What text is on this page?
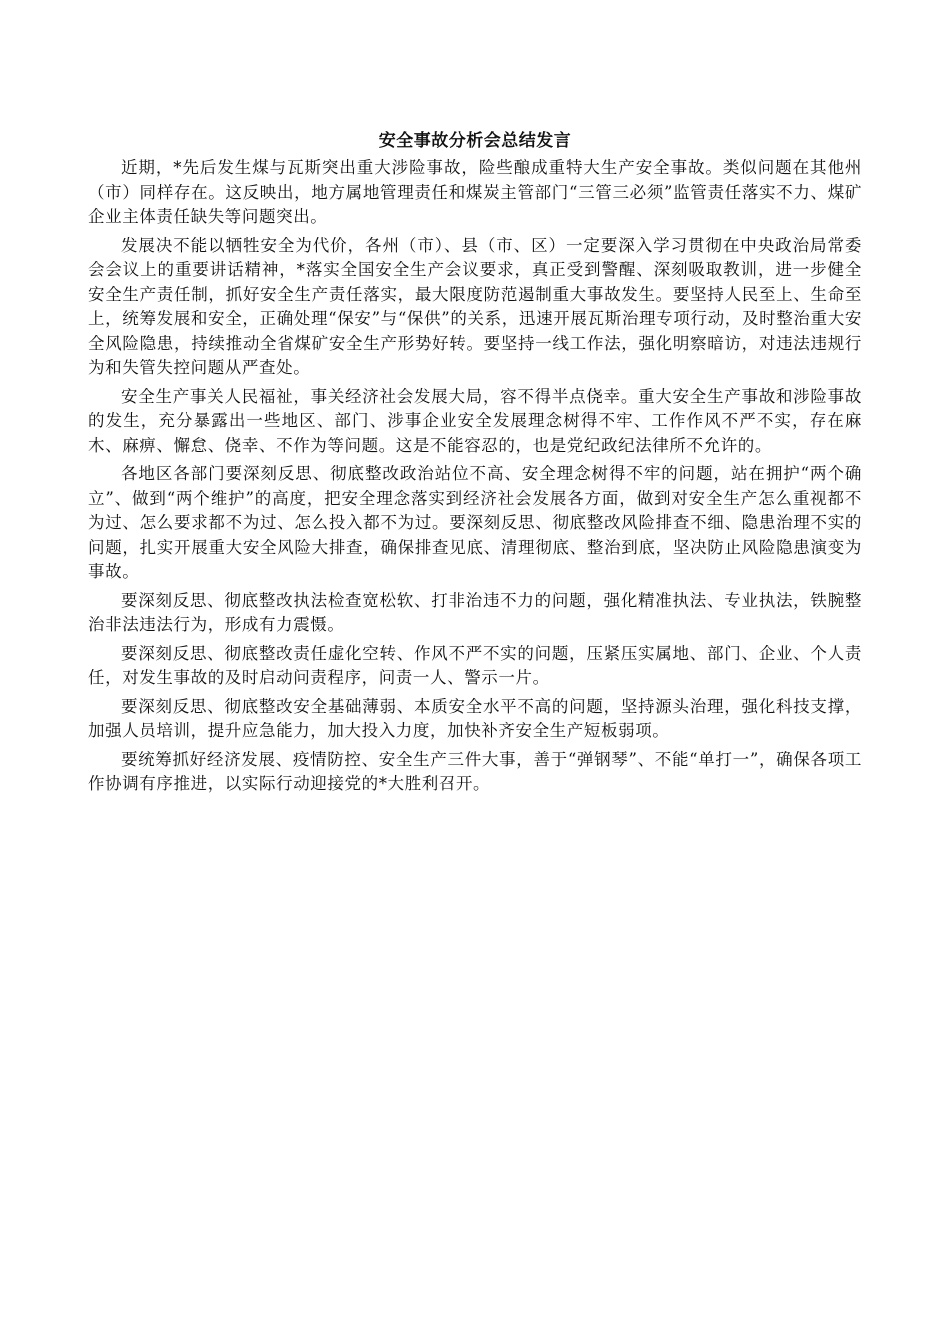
安全事故分析会总结发言

近期，*先后发生煤与瓦斯突出重大涉险事故，险些酿成重特大生产安全事故。类似问题在其他州（市）同样存在。这反映出，地方属地管理责任和煤炭主管部门“三管三必须”监管责任落实不力、煤矿企业主体责任缺失等问题突出。

发展决不能以牺牲安全为代价，各州（市）、县（市、区）一定要深入学习贯彻在中央政治局常委会会议上的重要讲话精神，*落实全国安全生产会议要求，真正受到警醒、深刻吸取教训，进一步健全安全生产责任制，抓好安全生产责任落实，最大限度防范遏制重大事故发生。要坚持人民至上、生命至上，统筹发展和安全，正确处理“保安”与“保供”的关系，迅速开展瓦斯治理专项行动，及时整治重大安全风险隐患，持续推动全省煤矿安全生产形势好转。要坚持一线工作法，强化明察暗访，对违法违规行为和失管失控问题从严查处。

安全生产事关人民福祉，事关经济社会发展大局，容不得半点侥幸。重大安全生产事故和涉险事故的发生，充分暴露出一些地区、部门、涉事企业安全发展理念树得不牢、工作作风不严不实，存在麻木、麻痹、懈怠、侥幸、不作为等问题。这是不能容忍的，也是党纪政纪法律所不允许的。

各地区各部门要深刻反思、彻底整改政治站位不高、安全理念树得不牢的问题，站在拥护“两个确立”、做到“两个维护”的高度，把安全理念落实到经济社会发展各方面，做到对安全生产怎么重视都不为过、怎么要求都不为过、怎么投入都不为过。要深刻反思、彻底整改风险排查不细、隐患治理不实的问题，扎实开展重大安全风险大排查，确保排查见底、清理彻底、整治到底，坚决防止风险隐患演变为事故。

要深刻反思、彻底整改执法检查宽松软、打非治违不力的问题，强化精准执法、专业执法，铁腕整治非法违法行为，形成有力震慑。

要深刻反思、彻底整改责任虚化空转、作风不严不实的问题，压紧压实属地、部门、企业、个人责任，对发生事故的及时启动问责程序，问责一人、警示一片。

要深刻反思、彻底整改安全基础薄弱、本质安全水平不高的问题，坚持源头治理，强化科技支撑，加强人员培训，提升应急能力，加大投入力度，加快补齐安全生产短板弱项。

要统筹抓好经济发展、疫情防控、安全生产三件大事，善于“弹钢琴”、不能“单打一”，确保各项工作协调有序推进，以实际行动迎接党的*大胜利召开。
